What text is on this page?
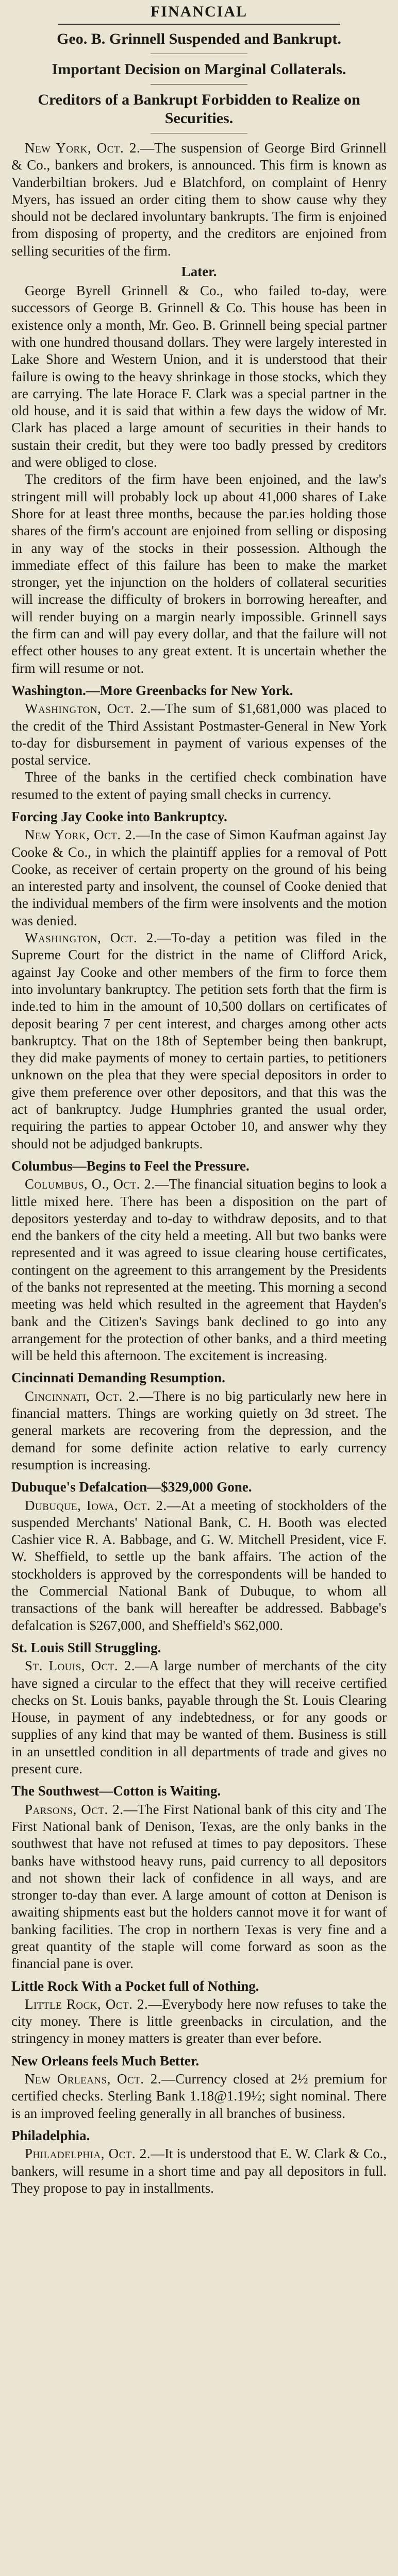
FINANCIAL
Geo. B. Grinnell Suspended and Bankrupt.
Important Decision on Marginal Collaterals.
Creditors of a Bankrupt Forbidden to Realize on Securities.

New York, Oct. 2.—The suspension of George Bird Grinnell & Co., bankers and brokers, is announced. This firm is known as Vanderbiltian brokers. Jud e Blatchford, on complaint of Henry Myers, has issued an order citing them to show cause why they should not be declared involuntary bankrupts. The firm is enjoined from disposing of property, and the creditors are enjoined from selling securities of the firm.

Later.

George Byrell Grinnell & Co., who failed to-day, were successors of George B. Grinnell & Co. This house has been in existence only a month, Mr. Geo. B. Grinnell being special partner with one hundred thousand dollars. They were largely interested in Lake Shore and Western Union, and it is understood that their failure is owing to the heavy shrinkage in those stocks, which they are carrying. The late Horace F. Clark was a special partner in the old house, and it is said that within a few days the widow of Mr. Clark has placed a large amount of securities in their hands to sustain their credit, but they were too badly pressed by creditors and were obliged to close.

The creditors of the firm have been enjoined, and the law's stringent mill will probably lock up about 41,000 shares of Lake Shore for at least three months, because the par.ies holding those shares of the firm's account are enjoined from selling or disposing in any way of the stocks in their possession. Although the immediate effect of this failure has been to make the market stronger, yet the injunction on the holders of collateral securities will increase the difficulty of brokers in borrowing hereafter, and will render buying on a margin nearly impossible. Grinnell says the firm can and will pay every dollar, and that the failure will not effect other houses to any great extent. It is uncertain whether the firm will resume or not.

Washington.—More Greenbacks for New York.

Washington, Oct. 2.—The sum of $1,681,000 was placed to the credit of the Third Assistant Postmaster-General in New York to-day for disbursement in payment of various expenses of the postal service.

Three of the banks in the certified check combination have resumed to the extent of paying small checks in currency.

Forcing Jay Cooke into Bankruptcy.

New York, Oct. 2.—In the case of Simon Kaufman against Jay Cooke & Co., in which the plaintiff applies for a removal of Pott Cooke, as receiver of certain property on the ground of his being an interested party and insolvent, the counsel of Cooke denied that the individual members of the firm were insolvents and the motion was denied.

Washington, Oct. 2.—To-day a petition was filed in the Supreme Court for the district in the name of Clifford Arick, against Jay Cooke and other members of the firm to force them into involuntary bankruptcy. The petition sets forth that the firm is inde.ted to him in the amount of 10,500 dollars on certificates of deposit bearing 7 per cent interest, and charges among other acts bankruptcy. That on the 18th of September being then bankrupt, they did make payments of money to certain parties, to petitioners unknown on the plea that they were special depositors in order to give them preference over other depositors, and that this was the act of bankruptcy. Judge Humphries granted the usual order, requiring the parties to appear October 10, and answer why they should not be adjudged bankrupts.

Columbus—Begins to Feel the Pressure.

Columbus, O., Oct. 2.—The financial situation begins to look a little mixed here. There has been a disposition on the part of depositors yesterday and to-day to withdraw deposits, and to that end the bankers of the city held a meeting. All but two banks were represented and it was agreed to issue clearing house certificates, contingent on the agreement to this arrangement by the Presidents of the banks not represented at the meeting. This morning a second meeting was held which resulted in the agreement that Hayden's bank and the Citizen's Savings bank declined to go into any arrangement for the protection of other banks, and a third meeting will be held this afternoon. The excitement is increasing.

Cincinnati Demanding Resumption.

Cincinnati, Oct. 2.—There is no big particularly new here in financial matters. Things are working quietly on 3d street. The general markets are recovering from the depression, and the demand for some definite action relative to early currency resumption is increasing.

Dubuque's Defalcation—$329,000 Gone.

Dubuque, Iowa, Oct. 2.—At a meeting of stockholders of the suspended Merchants' National Bank, C. H. Booth was elected Cashier vice R. A. Babbage, and G. W. Mitchell President, vice F. W. Sheffield, to settle up the bank affairs. The action of the stockholders is approved by the correspondents will be handed to the Commercial National Bank of Dubuque, to whom all transactions of the bank will hereafter be addressed. Babbage's defalcation is $267,000, and Sheffield's $62,000.

St. Louis Still Struggling.

St. Louis, Oct. 2.—A large number of merchants of the city have signed a circular to the effect that they will receive certified checks on St. Louis banks, payable through the St. Louis Clearing House, in payment of any indebtedness, or for any goods or supplies of any kind that may be wanted of them. Business is still in an unsettled condition in all departments of trade and gives no present cure.

The Southwest—Cotton is Waiting.

Parsons, Oct. 2.—The First National bank of this city and The First National bank of Denison, Texas, are the only banks in the southwest that have not refused at times to pay depositors. These banks have withstood heavy runs, paid currency to all depositors and not shown their lack of confidence in all ways, and are stronger to-day than ever. A large amount of cotton at Denison is awaiting shipments east but the holders cannot move it for want of banking facilities. The crop in northern Texas is very fine and a great quantity of the staple will come forward as soon as the financial pane is over.

Little Rock With a Pocket full of Nothing.

Little Rock, Oct. 2.—Everybody here now refuses to take the city money. There is little greenbacks in circulation, and the stringency in money matters is greater than ever before.

New Orleans feels Much Better.

New Orleans, Oct. 2.—Currency closed at 2½ premium for certified checks. Sterling Bank 1.18@1.19½; sight nominal. There is an improved feeling generally in all branches of business.

Philadelphia.

Philadelphia, Oct. 2.—It is understood that E. W. Clark & Co., bankers, will resume in a short time and pay all depositors in full. They propose to pay in installments.
